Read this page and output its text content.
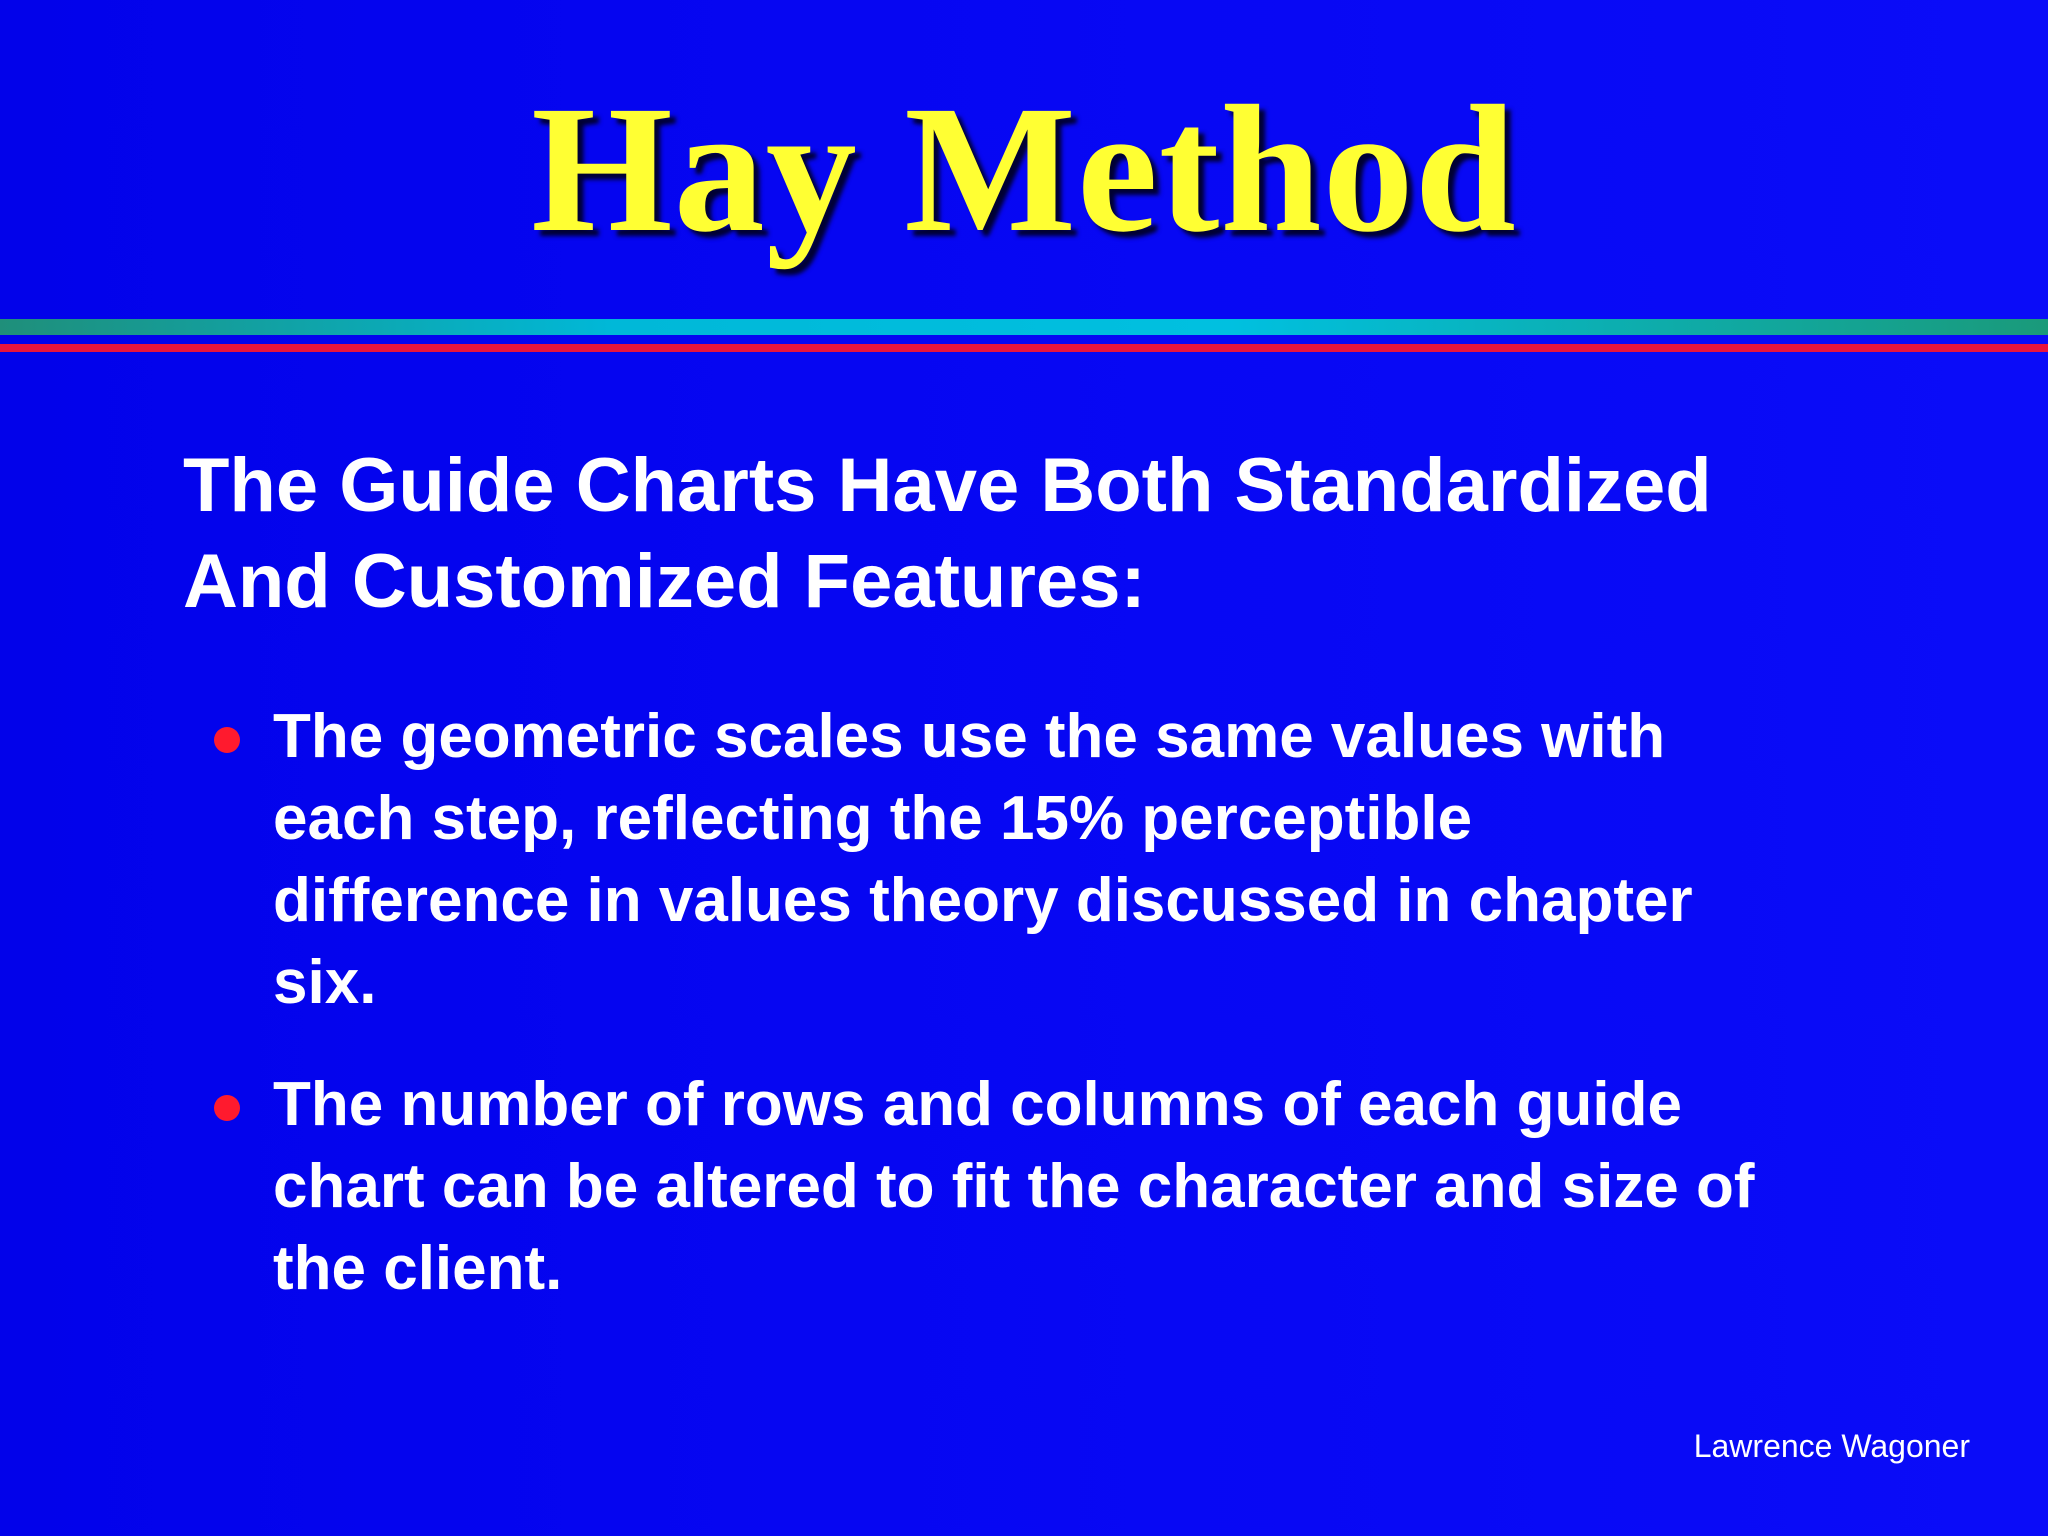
Hay Method
The Guide Charts Have Both Standardized
And Customized Features:
The geometric scales use the same values with
each step, reflecting the 15% perceptible
difference in values theory discussed in chapter
six.
The number of rows and columns of each guide
chart can be altered to fit the character and size of
the client.
Lawrence Wagoner
